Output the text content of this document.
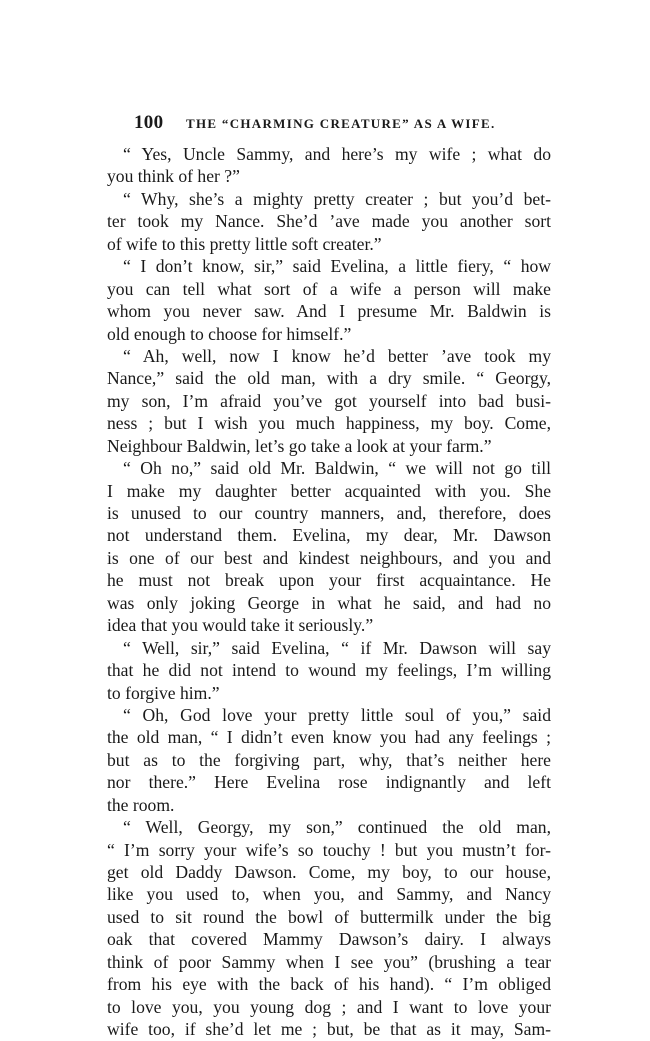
100 THE “CHARMING CREATURE” AS A WIFE.
“ Yes, Uncle Sammy, and here’s my wife ; what do
you think of her ?”
“ Why, she’s a mighty pretty creater ; but you’d bet-
ter took my Nance. She’d ’ave made you another sort
of wife to this pretty little soft creater.”
“ I don’t know, sir,” said Evelina, a little fiery, “ how
you can tell what sort of a wife a person will make
whom you never saw. And I presume Mr. Baldwin is
old enough to choose for himself.”
“ Ah, well, now I know he’d better ’ave took my
Nance,” said the old man, with a dry smile. “ Georgy,
my son, I’m afraid you’ve got yourself into bad busi-
ness ; but I wish you much happiness, my boy. Come,
Neighbour Baldwin, let’s go take a look at your farm.”
“ Oh no,” said old Mr. Baldwin, “ we will not go till
I make my daughter better acquainted with you. She
is unused to our country manners, and, therefore, does
not understand them. Evelina, my dear, Mr. Dawson
is one of our best and kindest neighbours, and you and
he must not break upon your first acquaintance. He
was only joking George in what he said, and had no
idea that you would take it seriously.”
“ Well, sir,” said Evelina, “ if Mr. Dawson will say
that he did not intend to wound my feelings, I’m willing
to forgive him.”
“ Oh, God love your pretty little soul of you,” said
the old man, “ I didn’t even know you had any feelings ;
but as to the forgiving part, why, that’s neither here
nor there.” Here Evelina rose indignantly and left
the room.
“ Well, Georgy, my son,” continued the old man,
“ I’m sorry your wife’s so touchy ! but you mustn’t for-
get old Daddy Dawson. Come, my boy, to our house,
like you used to, when you, and Sammy, and Nancy
used to sit round the bowl of buttermilk under the big
oak that covered Mammy Dawson’s dairy. I always
think of poor Sammy when I see you” (brushing a tear
from his eye with the back of his hand). “ I’m obliged
to love you, you young dog ; and I want to love your
wife too, if she’d let me ; but, be that as it may, Sam-
